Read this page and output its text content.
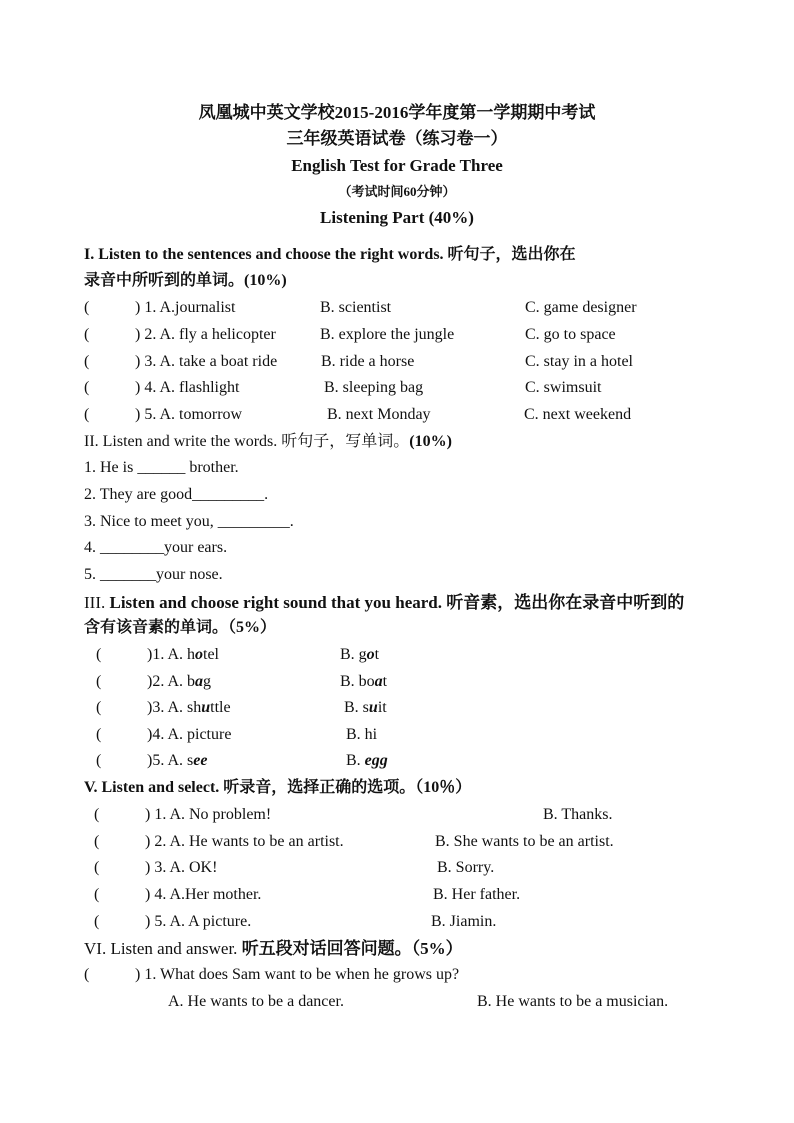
凤凰城中英文学校2015-2016学年度第一学期期中考试
三年级英语试卷（练习卷一）
English Test for Grade Three
（考试时间60分钟）
Listening Part (40%)
I. Listen to the sentences and choose the right words. 听句子，选出你在
录音中所听到的单词。(10%)
(	) 1. A.journalist	B. scientist	C. game designer
(	) 2. A. fly a helicopter	B. explore the jungle	C. go to space
(	) 3. A. take a boat ride	B. ride a horse	C. stay in a hotel
(	) 4. A. flashlight	B. sleeping bag	C. swimsuit
(	) 5. A. tomorrow	B. next Monday	C. next weekend
II. Listen and write the words. 听句子，写单词。(10%)
1. He is ______ brother.
2. They are good_________.
3. Nice to meet you, _________.
4. ________your ears.
5. _______your nose.
III. Listen and choose right sound that you heard. 听音素，选出你在录音中听到的
含有该音素的单词。（5%）
(	)1. A. hotel	B. got
(	)2. A. bag	B. boat
(	)3. A. shuttle	B. suit
(	)4. A. picture	B. hi
(	)5. A. see	B. egg
V. Listen and select. 听录音，选择正确的选项。（10％）
(	) 1. A. No problem!	B. Thanks.
(	) 2. A. He wants to be an artist.	B. She wants to be an artist.
(	) 3. A. OK!	B. Sorry.
(	) 4. A.Her mother.	B. Her father.
(	) 5. A. A picture.	B. Jiamin.
VI. Listen and answer. 听五段对话回答问题。（5%）
(	) 1. What does Sam want to be when he grows up?
A. He wants to be a dancer.	B. He wants to be a musician.
